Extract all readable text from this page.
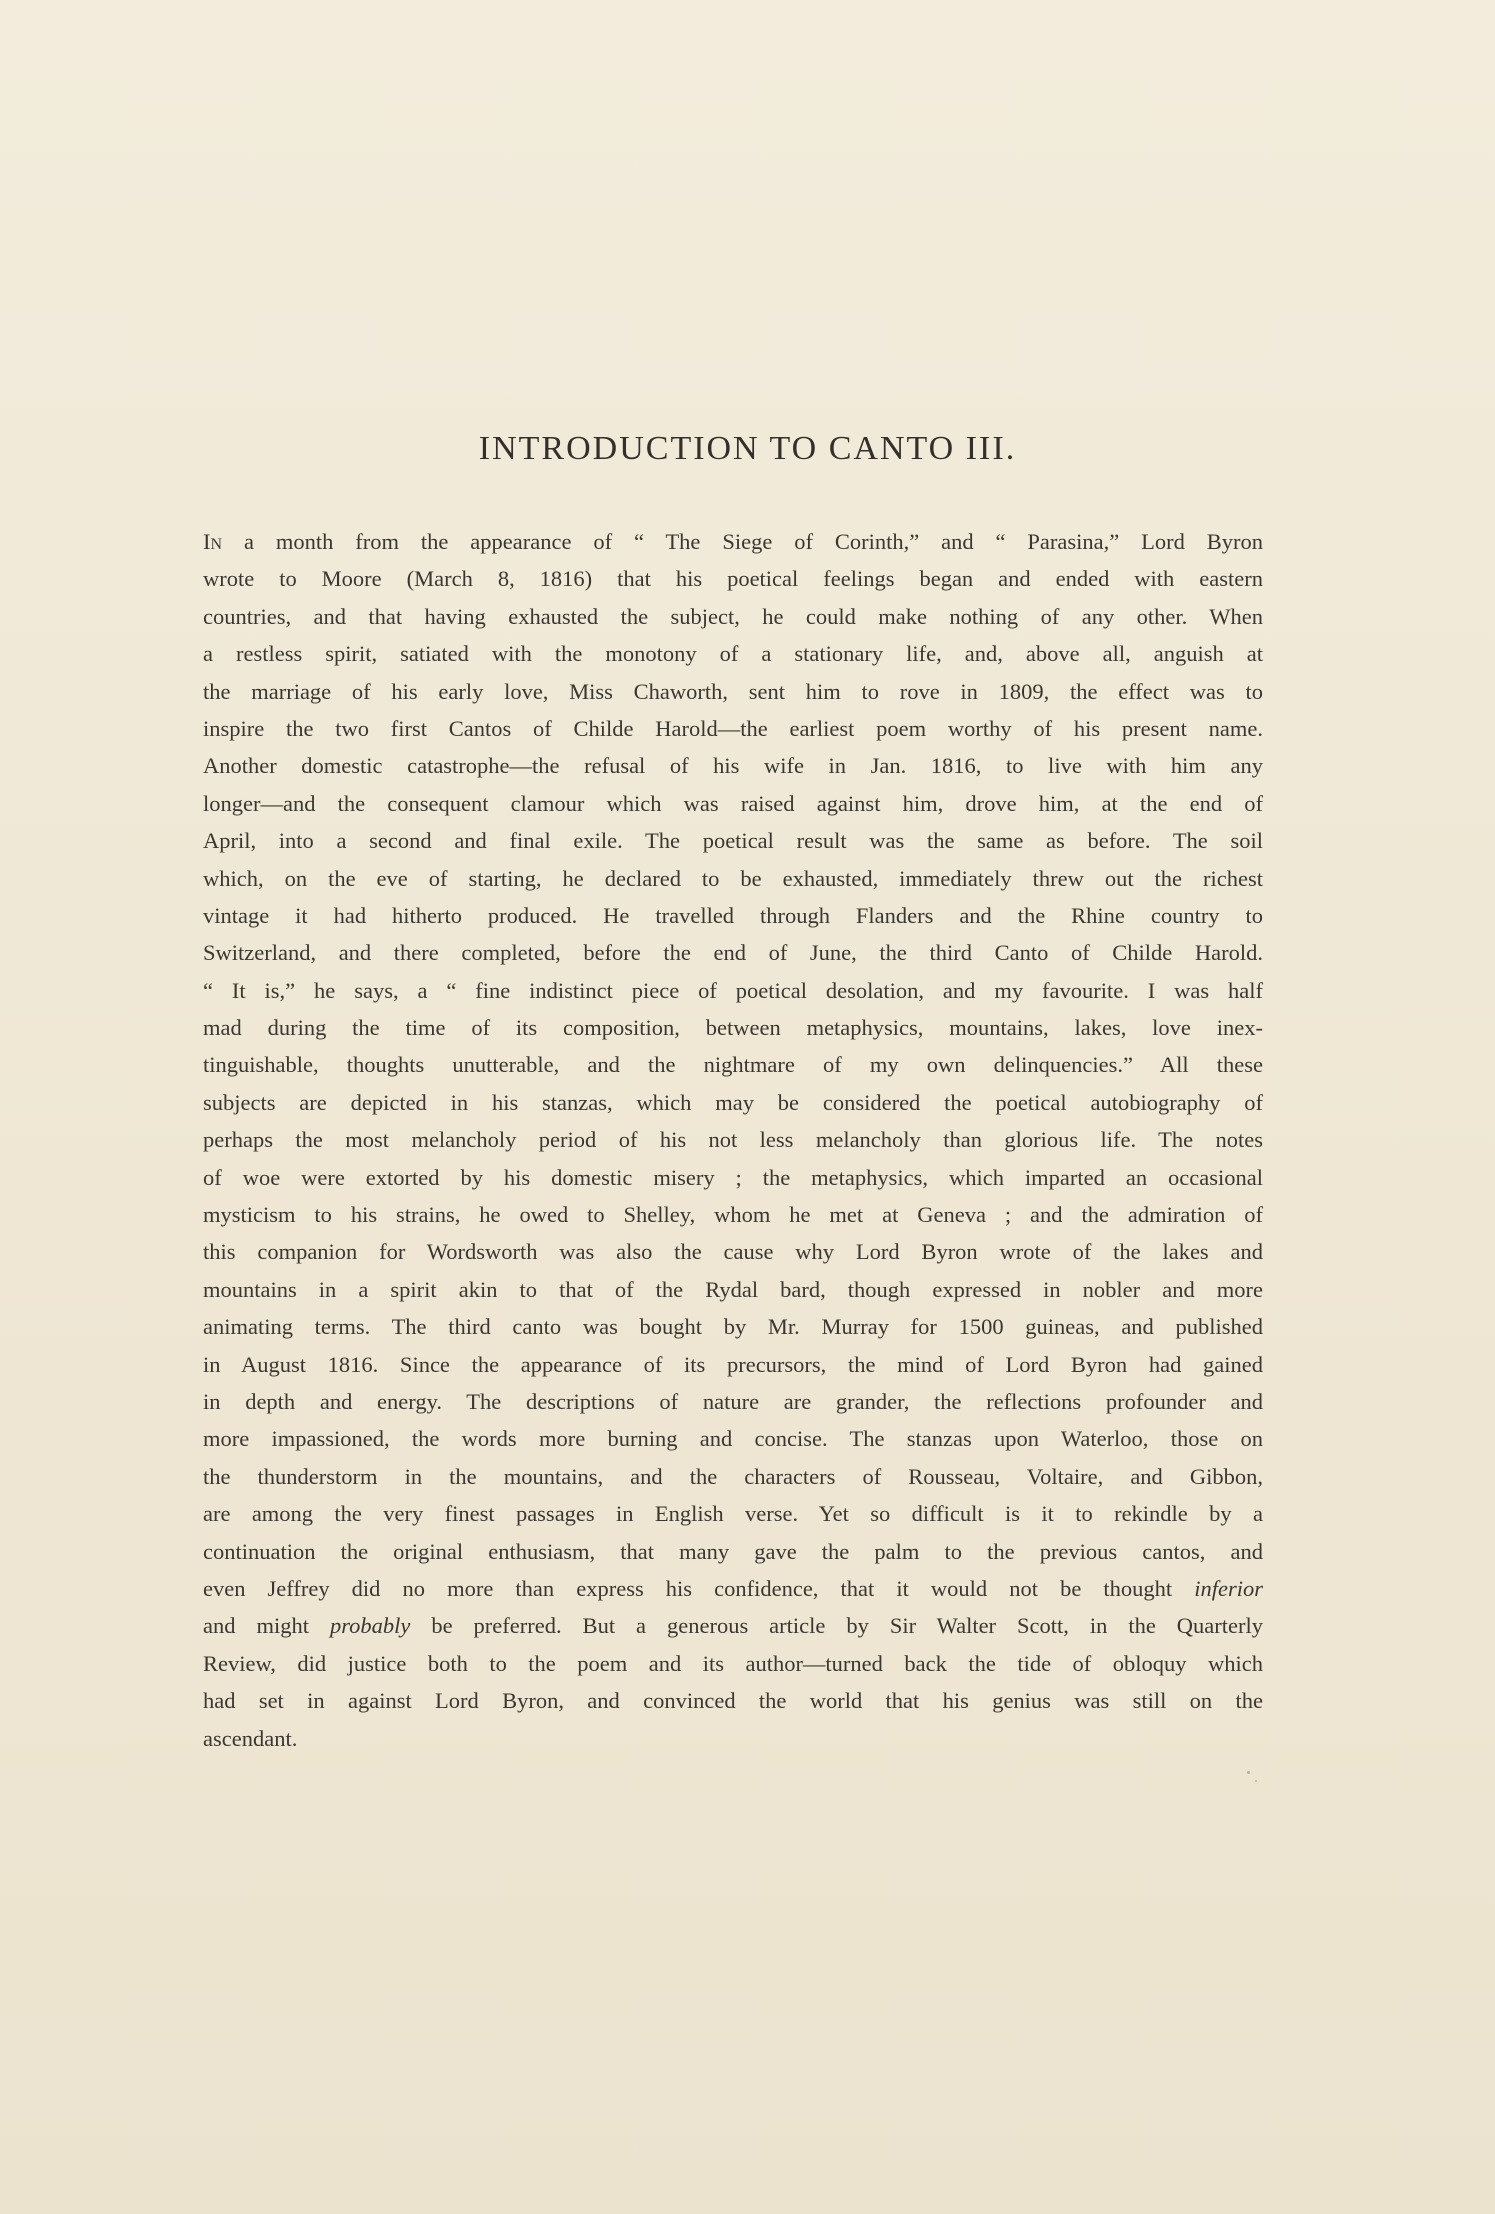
INTRODUCTION TO CANTO III.
In a month from the appearance of “ The Siege of Corinth,” and “ Parasina,” Lord Byron
wrote to Moore (March 8, 1816) that his poetical feelings began and ended with eastern
countries, and that having exhausted the subject, he could make nothing of any other. When
a restless spirit, satiated with the monotony of a stationary life, and, above all, anguish at
the marriage of his early love, Miss Chaworth, sent him to rove in 1809, the effect was to
inspire the two first Cantos of Childe Harold—the earliest poem worthy of his present name.
Another domestic catastrophe—the refusal of his wife in Jan. 1816, to live with him any
longer—and the consequent clamour which was raised against him, drove him, at the end of
April, into a second and final exile. The poetical result was the same as before. The soil
which, on the eve of starting, he declared to be exhausted, immediately threw out the richest
vintage it had hitherto produced. He travelled through Flanders and the Rhine country to
Switzerland, and there completed, before the end of June, the third Canto of Childe Harold.
“ It is,” he says, a “ fine indistinct piece of poetical desolation, and my favourite. I was half
mad during the time of its composition, between metaphysics, mountains, lakes, love inex-
tinguishable, thoughts unutterable, and the nightmare of my own delinquencies.” All these
subjects are depicted in his stanzas, which may be considered the poetical autobiography of
perhaps the most melancholy period of his not less melancholy than glorious life. The notes
of woe were extorted by his domestic misery ; the metaphysics, which imparted an occasional
mysticism to his strains, he owed to Shelley, whom he met at Geneva ; and the admiration of
this companion for Wordsworth was also the cause why Lord Byron wrote of the lakes and
mountains in a spirit akin to that of the Rydal bard, though expressed in nobler and more
animating terms. The third canto was bought by Mr. Murray for 1500 guineas, and published
in August 1816. Since the appearance of its precursors, the mind of Lord Byron had gained
in depth and energy. The descriptions of nature are grander, the reflections profounder and
more impassioned, the words more burning and concise. The stanzas upon Waterloo, those on
the thunderstorm in the mountains, and the characters of Rousseau, Voltaire, and Gibbon,
are among the very finest passages in English verse. Yet so difficult is it to rekindle by a
continuation the original enthusiasm, that many gave the palm to the previous cantos, and
even Jeffrey did no more than express his confidence, that it would not be thought inferior
and might probably be preferred. But a generous article by Sir Walter Scott, in the Quarterly
Review, did justice both to the poem and its author—turned back the tide of obloquy which
had set in against Lord Byron, and convinced the world that his genius was still on the
ascendant.
